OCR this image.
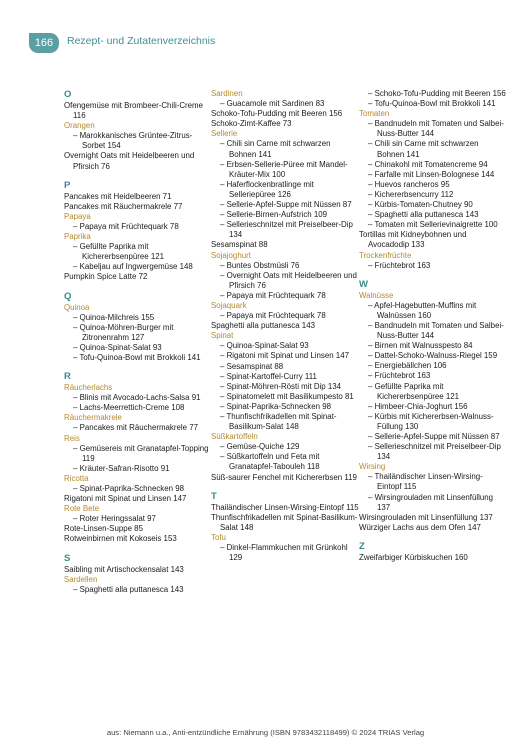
166	Rezept- und Zutatenverzeichnis
O
Ofengemüse mit Brombeer-Chili-Creme 116
Orangen
– Marokkanisches Grüntee-Zitrus-Sorbet 154
Overnight Oats mit Heidelbeeren und Pfirsich 76
P
Pancakes mit Heidelbeeren 71
Pancakes mit Räuchermakrele 77
Papaya
– Papaya mit Früchtequark 78
Paprika
– Gefüllte Paprika mit Kichererbsenpüree 121
– Kabeljau auf Ingwergemüse 148
Pumpkin Spice Latte 72
Q
Quinoa
– Quinoa-Milchreis 155
– Quinoa-Möhren-Burger mit Zitronenrahm 127
– Quinoa-Spinat-Salat 93
– Tofu-Quinoa-Bowl mit Brokkoli 141
R
Räucherlachs
– Blinis mit Avocado-Lachs-Salsa 91
– Lachs-Meerrettich-Creme 108
Räuchermakrele
– Pancakes mit Räuchermakrele 77
Reis
– Gemüsereis mit Granatapfel-Topping 119
– Kräuter-Safran-Risotto 91
Ricotta
– Spinat-Paprika-Schnecken 98
Rigatoni mit Spinat und Linsen 147
Rote Bete
– Roter Heringssalat 97
Rote-Linsen-Suppe 85
Rotweinbirnen mit Kokoseis 153
S
Saibling mit Artischockensalat 143
Sardellen
– Spaghetti alla puttanesca 143
Sardinen
– Guacamole mit Sardinen 83
Schoko-Tofu-Pudding mit Beeren 156
Schoko-Zimt-Kaffee 73
Sellerie
– Chili sin Carne mit schwarzen Bohnen 141
– Erbsen-Sellerie-Püree mit Mandel-Kräuter-Mix 100
– Haferflockenbratlinge mit Selleriepüree 126
– Sellerie-Apfel-Suppe mit Nüssen 87
– Sellerie-Birnen-Aufstrich 109
– Sellerieschnitzel mit Preiselbeer-Dip 134
Sesamspinat 88
Sojajoghurt
– Buntes Obstmüsli 76
– Overnight Oats mit Heidelbeeren und Pfirsich 76
– Papaya mit Früchtequark 78
Sojaquark
– Papaya mit Früchtequark 78
Spaghetti alla puttanesca 143
Spinat
– Quinoa-Spinat-Salat 93
– Rigatoni mit Spinat und Linsen 147
– Sesamspinat 88
– Spinat-Kartoffel-Curry 111
– Spinat-Möhren-Rösti mit Dip 134
– Spinatomelett mit Basilikumpesto 81
– Spinat-Paprika-Schnecken 98
– Thunfischfrikadellen mit Spinat-Basilikum-Salat 148
Süßkartoffeln
– Gemüse-Quiche 129
– Süßkartoffeln und Feta mit Granatapfel-Taboulеh 118
Süß-saurer Fenchel mit Kichererbsen 119
T
Thailändischer Linsen-Wirsing-Eintopf 115
Thunfischfrikadellen mit Spinat-Basilikum-Salat 148
Tofu
– Dinkel-Flammkuchen mit Grünkohl 129
– Schoko-Tofu-Pudding mit Beeren 156
– Tofu-Quinoa-Bowl mit Brokkoli 141
Tomaten
– Bandnudeln mit Tomaten und Salbei-Nuss-Butter 144
– Chili sin Carne mit schwarzen Bohnen 141
– Chinakohl mit Tomatencreme 94
– Farfalle mit Linsen-Bolognese 144
– Huevos rancheros 95
– Kichererbsencurry 112
– Kürbis-Tomaten-Chutney 90
– Spaghetti alla puttanesca 143
– Tomaten mit Sellerievinaigrette 100
Tortillas mit Kidneybohnen und Avocadodip 133
Trockenfrüchte
– Früchtebrot 163
W
Walnüsse
– Apfel-Hagebutten-Muffins mit Walnüssen 160
– Bandnudeln mit Tomaten und Salbei-Nuss-Butter 144
– Birnen mit Walnusspesto 84
– Dattel-Schoko-Walnuss-Riegel 159
– Energiebällchen 106
– Früchtebrot 163
– Gefüllte Paprika mit Kichererbsenpüree 121
– Himbeer-Chia-Joghurt 156
– Kürbis mit Kichererbsen-Walnuss-Füllung 130
– Sellerie-Apfel-Suppe mit Nüssen 87
– Sellerieschnitzel mit Preiselbeer-Dip 134
Wirsing
– Thailändischer Linsen-Wirsing-Eintopf 115
– Wirsingrouladen mit Linsenfüllung 137
Wirsingrouladen mit Linsenfüllung 137
Würziger Lachs aus dem Ofen 147
Z
Zweifarbiger Kürbiskuchen 160
aus: Niemann u.a., Anti-entzündliche Ernährung (ISBN 9783432118499) © 2024 TRIAS Verlag
